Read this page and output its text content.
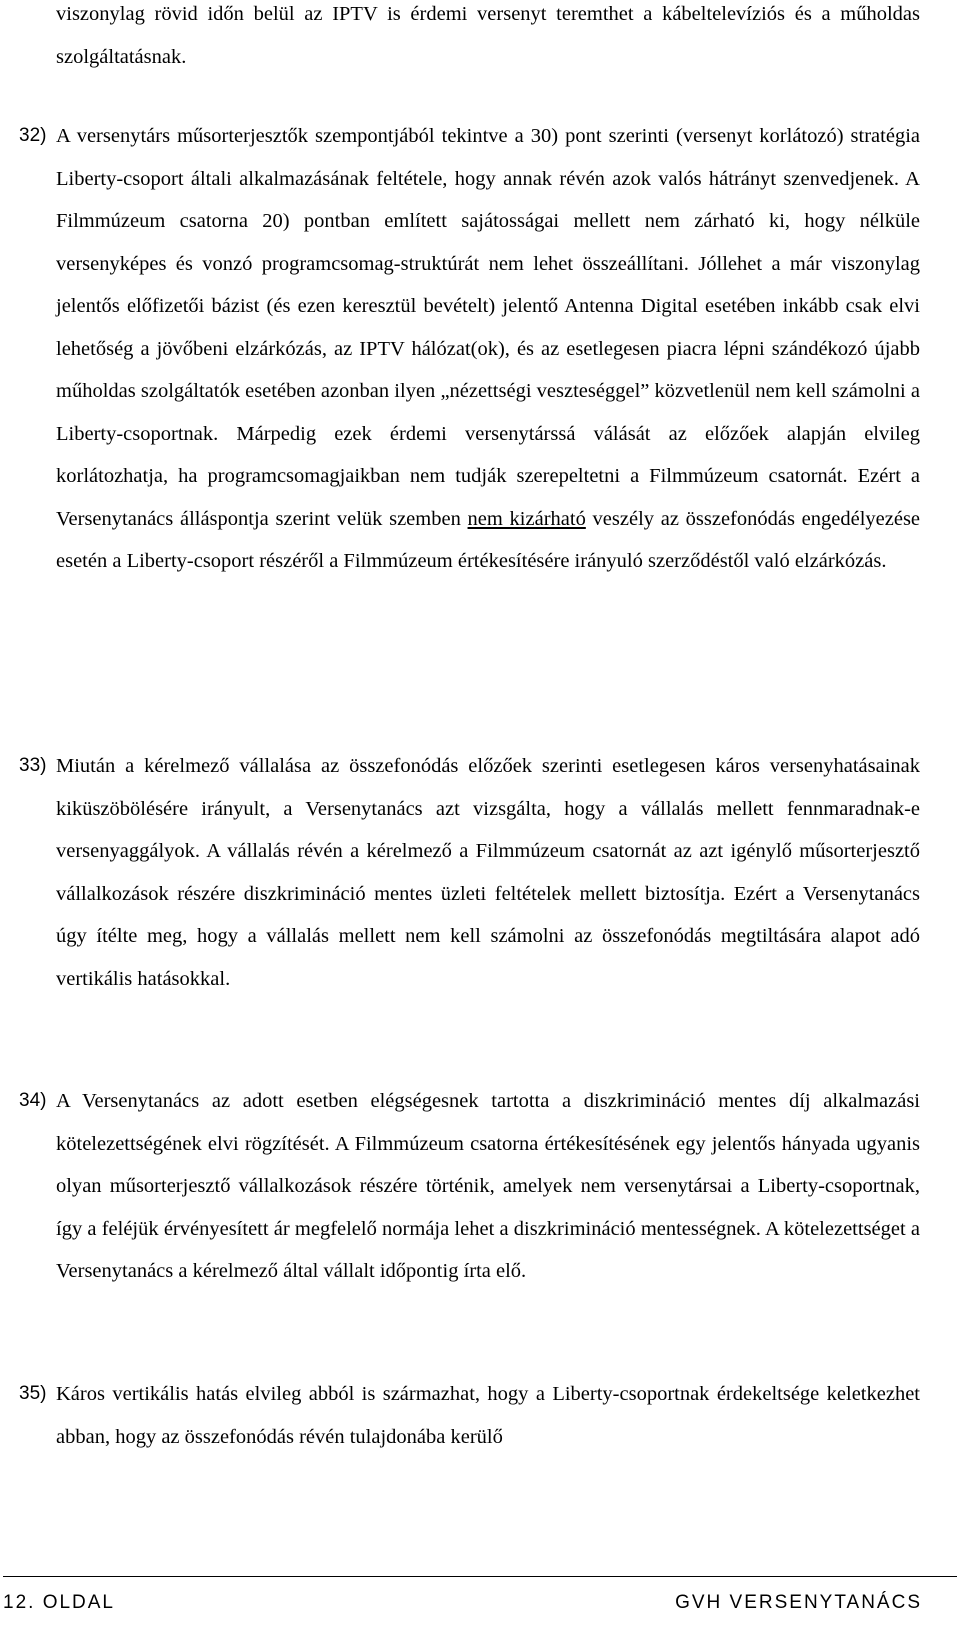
viszonylag rövid időn belül az IPTV is érdemi versenyt teremthet a kábeltelevíziós és a műholdas szolgáltatásnak.
32) A versenytárs műsorterjesztők szempontjából tekintve a 30) pont szerinti (versenyt korlátozó) stratégia Liberty-csoport általi alkalmazásának feltétele, hogy annak révén azok valós hátrányt szenvedjenek. A Filmmúzeum csatorna 20) pontban említett sajátosságai mellett nem zárható ki, hogy nélküle versenyképes és vonzó programcsomag-struktúrát nem lehet összeállítani. Jóllehet a már viszonylag jelentős előfizetői bázist (és ezen keresztül bevételt) jelentő Antenna Digital esetében inkább csak elvi lehetőség a jövőbeni elzárkózás, az IPTV hálózat(ok), és az esetlegesen piacra lépni szándékozó újabb műholdas szolgáltatók esetében azonban ilyen „nézettségi veszteséggel” közvetlenül nem kell számolni a Liberty-csoportnak. Márpedig ezek érdemi versenytárssá válását az előzőek alapján elvileg korlátozhatja, ha programcsomagjaikban nem tudják szerepeltetni a Filmmúzeum csatornát. Ezért a Versenytanács álláspontja szerint velük szemben nem kizárható veszély az összefonódás engedélyezése esetén a Liberty-csoport részéről a Filmmúzeum értékesítésére irányuló szerződéstől való elzárkózás.
33) Miután a kérelmező vállalása az összefonódás előzőek szerinti esetlegesen káros versenyhatásainak kiküszöbölésére irányult, a Versenytanács azt vizsgálta, hogy a vállalás mellett fennmaradnak-e versenyaggályok. A vállalás révén a kérelmező a Filmmúzeum csatornát az azt igénylő műsorterjesztő vállalkozások részére diszkrimináció mentes üzleti feltételek mellett biztosítja. Ezért a Versenytanács úgy ítélte meg, hogy a vállalás mellett nem kell számolni az összefonódás megtiltására alapot adó vertikális hatásokkal.
34) A Versenytanács az adott esetben elégségesnek tartotta a diszkrimináció mentes díj alkalmazási kötelezettségének elvi rögzítését. A Filmmúzeum csatorna értékesítésének egy jelentős hányada ugyanis olyan műsorterjesztő vállalkozások részére történik, amelyek nem versenytársai a Liberty-csoportnak, így a feléjük érvényesített ár megfelelő normája lehet a diszkrimináció mentességnek. A kötelezettséget a Versenytanács a kérelmező által vállalt időpontig írta elő.
35) Káros vertikális hatás elvileg abból is származhat, hogy a Liberty-csoportnak érdekeltsége keletkezhet abban, hogy az összefonódás révén tulajdonába kerülő
12. OLDAL	GVH VERSENYTANÁCS
